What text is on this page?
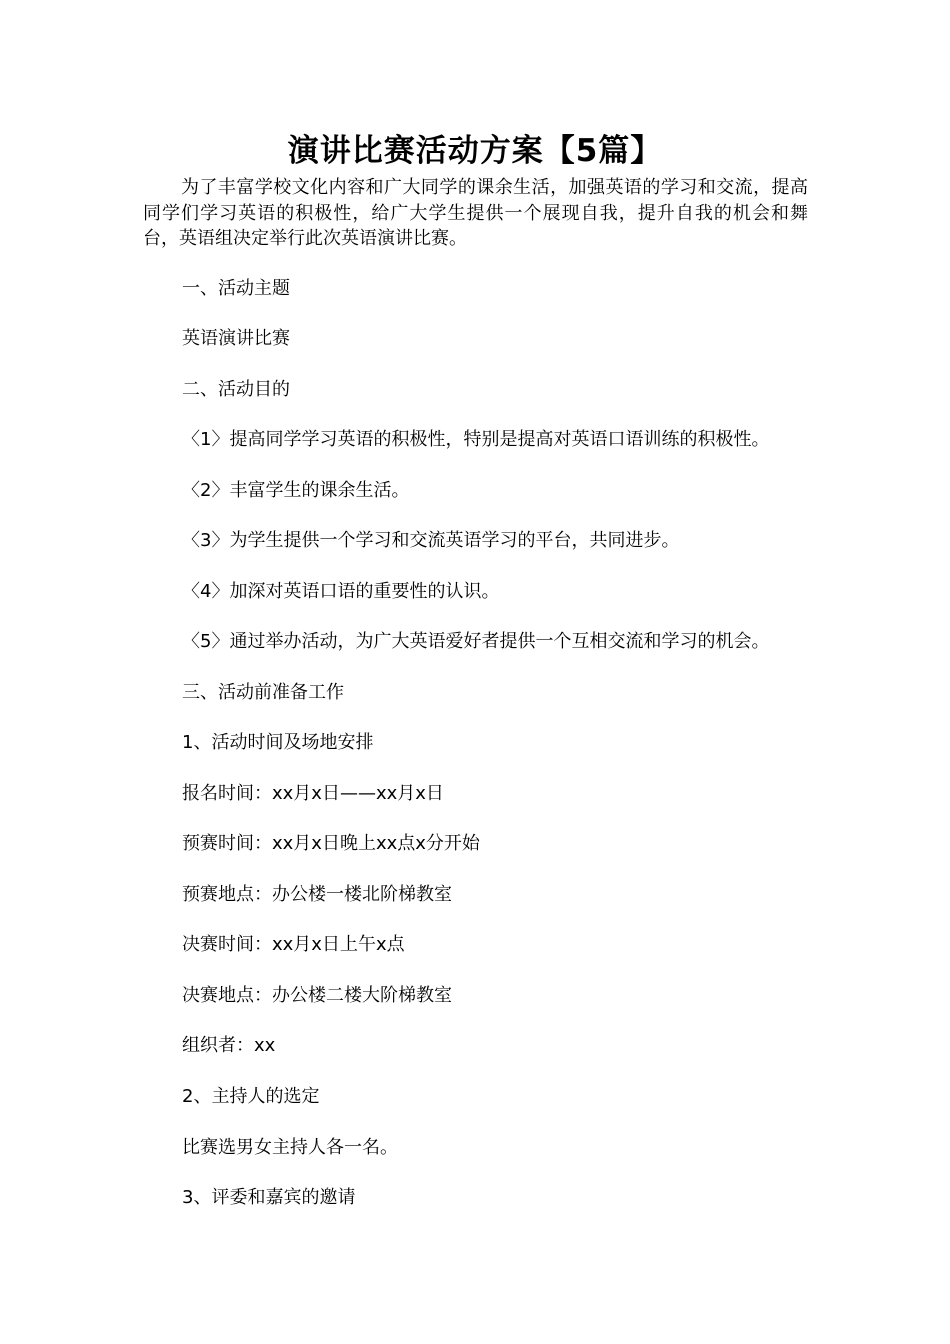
演讲比赛活动方案【5篇】

为了丰富学校文化内容和广大同学的课余生活，加强英语的学习和交流，提高同学们学习英语的积极性，给广大学生提供一个展现自我，提升自我的机会和舞台，英语组决定举行此次英语演讲比赛。

一、活动主题

英语演讲比赛

二、活动目的

〈1〉提高同学学习英语的积极性，特别是提高对英语口语训练的积极性。

〈2〉丰富学生的课余生活。

〈3〉为学生提供一个学习和交流英语学习的平台，共同进步。

〈4〉加深对英语口语的重要性的认识。

〈5〉通过举办活动，为广大英语爱好者提供一个互相交流和学习的机会。

三、活动前准备工作

1、活动时间及场地安排

报名时间：xx月x日——xx月x日

预赛时间：xx月x日晚上xx点x分开始

预赛地点：办公楼一楼北阶梯教室

决赛时间：xx月x日上午x点

决赛地点：办公楼二楼大阶梯教室

组织者：xx

2、主持人的选定

比赛选男女主持人各一名。

3、评委和嘉宾的邀请
